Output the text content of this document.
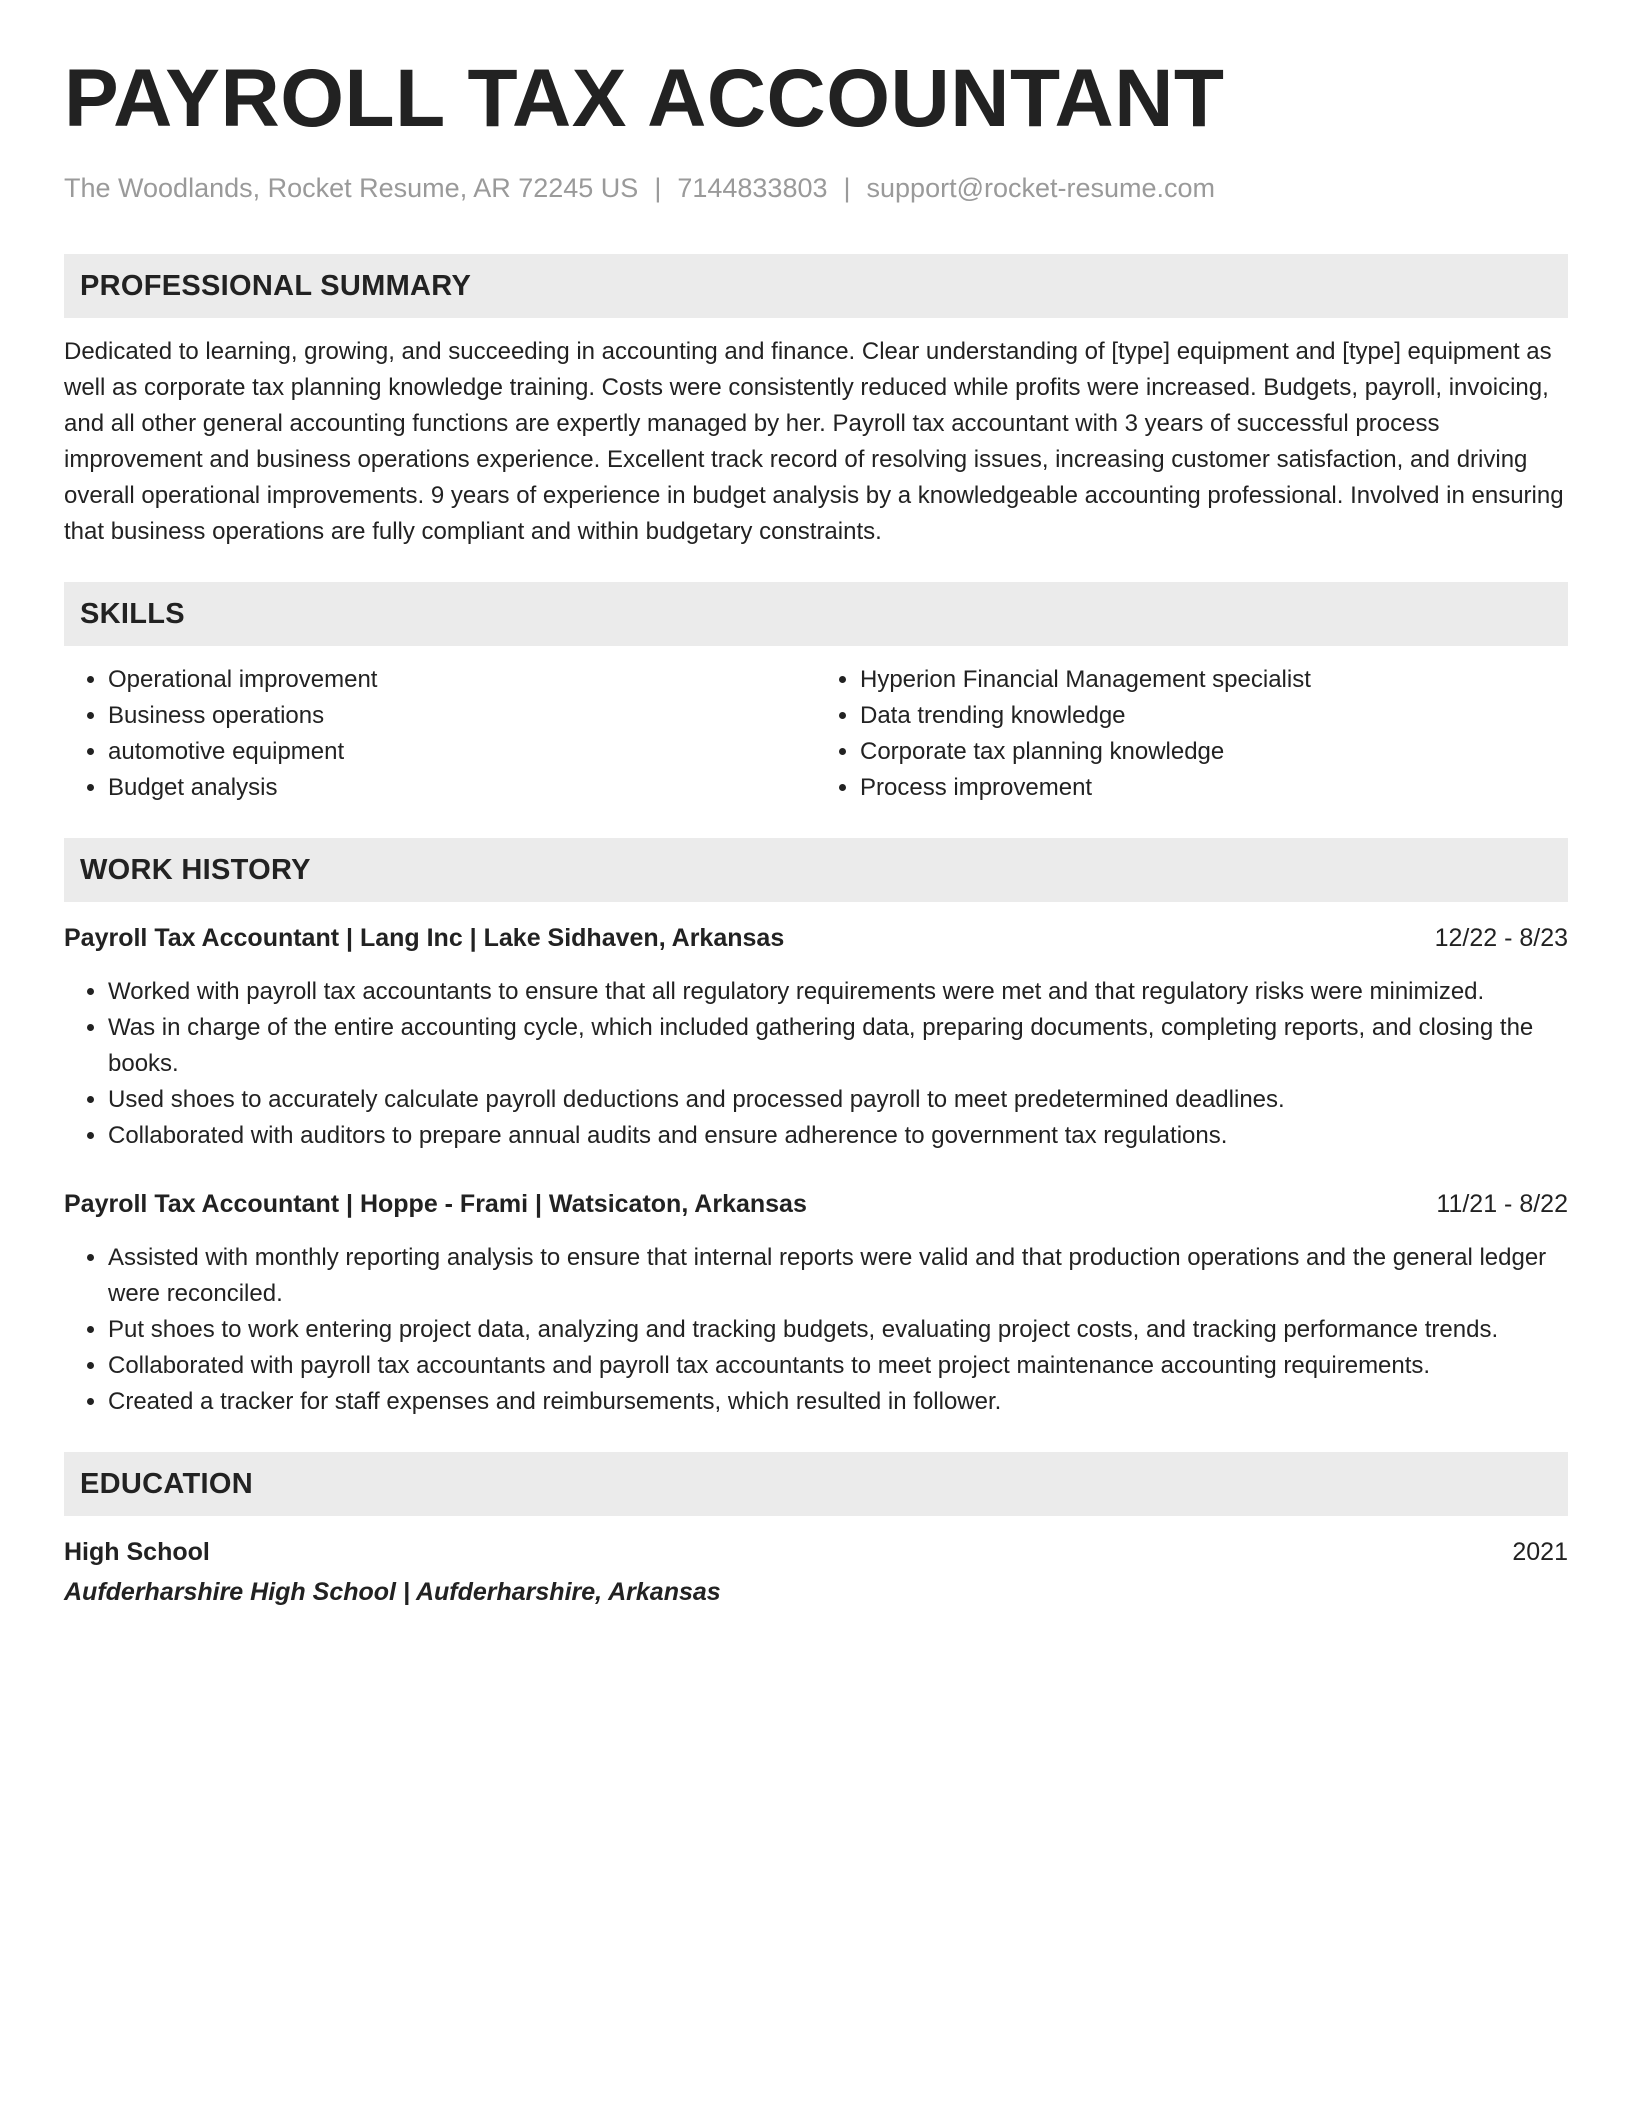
PAYROLL TAX ACCOUNTANT
The Woodlands, Rocket Resume, AR 72245 US | 7144833803 | support@rocket-resume.com
PROFESSIONAL SUMMARY

Dedicated to learning, growing, and succeeding in accounting and finance. Clear understanding of [type] equipment and [type] equipment as well as corporate tax planning knowledge training. Costs were consistently reduced while profits were increased. Budgets, payroll, invoicing, and all other general accounting functions are expertly managed by her. Payroll tax accountant with 3 years of successful process improvement and business operations experience. Excellent track record of resolving issues, increasing customer satisfaction, and driving overall operational improvements. 9 years of experience in budget analysis by a knowledgeable accounting professional. Involved in ensuring that business operations are fully compliant and within budgetary constraints.

SKILLS
• Operational improvement
• Business operations
• automotive equipment
• Budget analysis
• Hyperion Financial Management specialist
• Data trending knowledge
• Corporate tax planning knowledge
• Process improvement
WORK HISTORY
Payroll Tax Accountant | Lang Inc | Lake Sidhaven, Arkansas	12/22 - 8/23
• Worked with payroll tax accountants to ensure that all regulatory requirements were met and that regulatory risks were minimized.
• Was in charge of the entire accounting cycle, which included gathering data, preparing documents, completing reports, and closing the books.
• Used shoes to accurately calculate payroll deductions and processed payroll to meet predetermined deadlines.
• Collaborated with auditors to prepare annual audits and ensure adherence to government tax regulations.
Payroll Tax Accountant | Hoppe - Frami | Watsicaton, Arkansas	11/21 - 8/22
• Assisted with monthly reporting analysis to ensure that internal reports were valid and that production operations and the general ledger were reconciled.
• Put shoes to work entering project data, analyzing and tracking budgets, evaluating project costs, and tracking performance trends.
• Collaborated with payroll tax accountants and payroll tax accountants to meet project maintenance accounting requirements.
• Created a tracker for staff expenses and reimbursements, which resulted in follower.
EDUCATION
High School	2021
Aufderharshire High School | Aufderharshire, Arkansas
